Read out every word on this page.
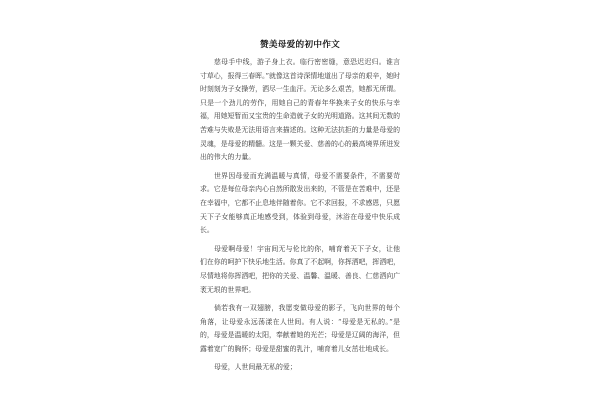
赞美母爱的初中作文

慈母手中线，游子身上衣。临行密密缝，意恐迟迟归。谁言寸草心，报得三春晖。”就像这首诗深情地道出了母亲的艰辛，她时时刻刻为子女操劳，洒尽一生血汗。无论多么艰苦，她都无所谓。只是一个劲儿的劳作，用她自己的青春年华换来子女的快乐与幸福，用她短暂而又宝贵的生命造就子女的光明道路。这其间无数的苦难与失败是无法用语言来描述的。这种无法抗拒的力量是母爱的灵魂，是母爱的精髓。这是一颗关爱、慈善的心的最高境界所迸发出的伟大的力量。

世界因母爱而充满温暖与真情，母爱不需要条件，不需要苛求。它是每位母亲内心自然所散发出来的，不管是在苦难中，还是在幸福中，它都不止息地伴随着你。它不求回报，不求感恩，只愿天下子女能够真正地感受到，体验到母爱，沐浴在母爱中快乐成长。

母爱啊母爱！宇宙间无与伦比的你，哺育着天下子女，让他们在你的呵护下快乐地生活。你真了不起啊，你挥洒吧，挥洒吧，尽情地将你挥洒吧，把你的关爱、温馨、温暖、善良、仁慈洒向广袤无垠的世界吧。

倘若我有一双翅膀，我愿变做母爱的影子，飞向世界的每个角落，让母爱永远荡漾在人世间。有人说：“母爱是无私的。”是的，母爱是温暖的太阳，奉献着她的光芒；母爱是辽阔的海洋，但露着宽广的胸怀；母爱是甜蜜的乳汁，哺育着儿女茁壮地成长。

母爱，人世间最无私的爱；
